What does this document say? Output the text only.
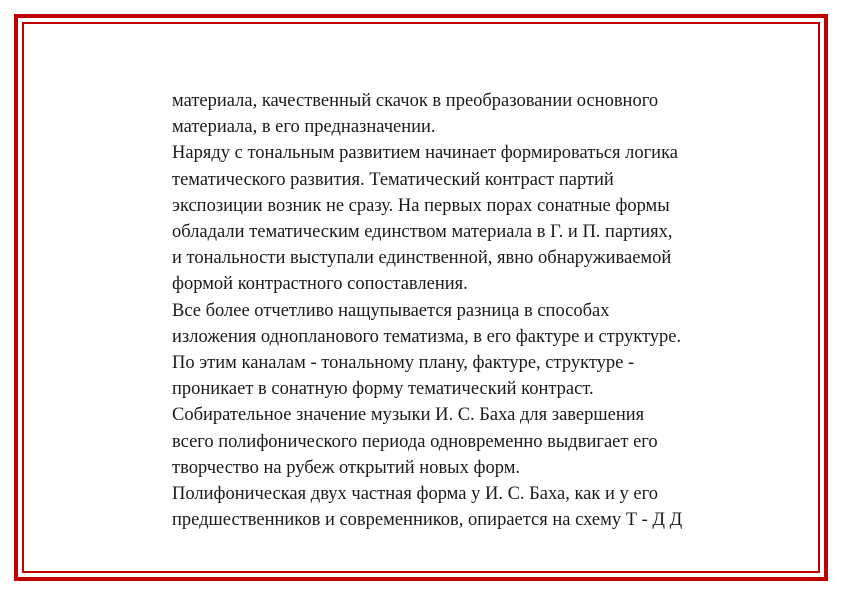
материала, качественный скачок в преобразовании основного
материала, в его предназначении.
Наряду с тональным развитием начинает формироваться логика
тематического развития. Тематический контраст партий
экспозиции возник не сразу. На первых порах сонатные формы
обладали тематическим единством материала в Г. и П. партиях,
и тональности выступали единственной, явно обнаруживаемой
формой контрастного сопоставления.
Все более отчетливо нащупывается разница в способах
изложения однопланового тематизма, в его фактуре и структуре.
По этим каналам - тональному плану, фактуре, структуре -
проникает в сонатную форму тематический контраст.
Собирательное значение музыки И. С. Баха для завершения
всего полифонического периода одновременно выдвигает его
творчество на рубеж открытий новых форм.
Полифоническая двух частная форма у И. С. Баха, как и у его
предшественников и современников, опирается на схему Т - Д Д
